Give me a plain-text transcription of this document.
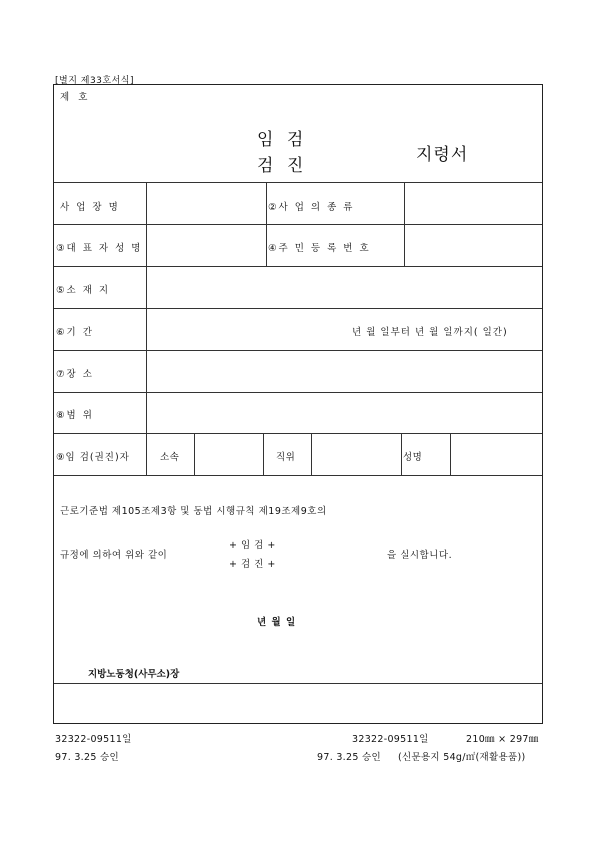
[별지 제33호서식]
제 호
임 검
검 진
지령서
사 업 장 명	②사 업 의 종 류
③대 표 자 성 명	④주 민 등 록 번 호
⑤소 재 지
⑥기 간	년 월 일부터 년 월 일까지( 일간)
⑦장 소
⑧범 위
⑨임 검(권진)자	소속	직위	성명
근로기준법 제105조제3항 및 동법 시행규칙 제19조제9호의
규정에 의하여 위와 같이
+ 임 검 +
+ 검 진 +
을 실시합니다.
년 월 일
지방노동청(사무소)장
32322-09511일
97. 3.25 승인
32322-09511일	210㎜ × 297㎜
97. 3.25 승인 (신문용지 54g/㎡(재활용품))
